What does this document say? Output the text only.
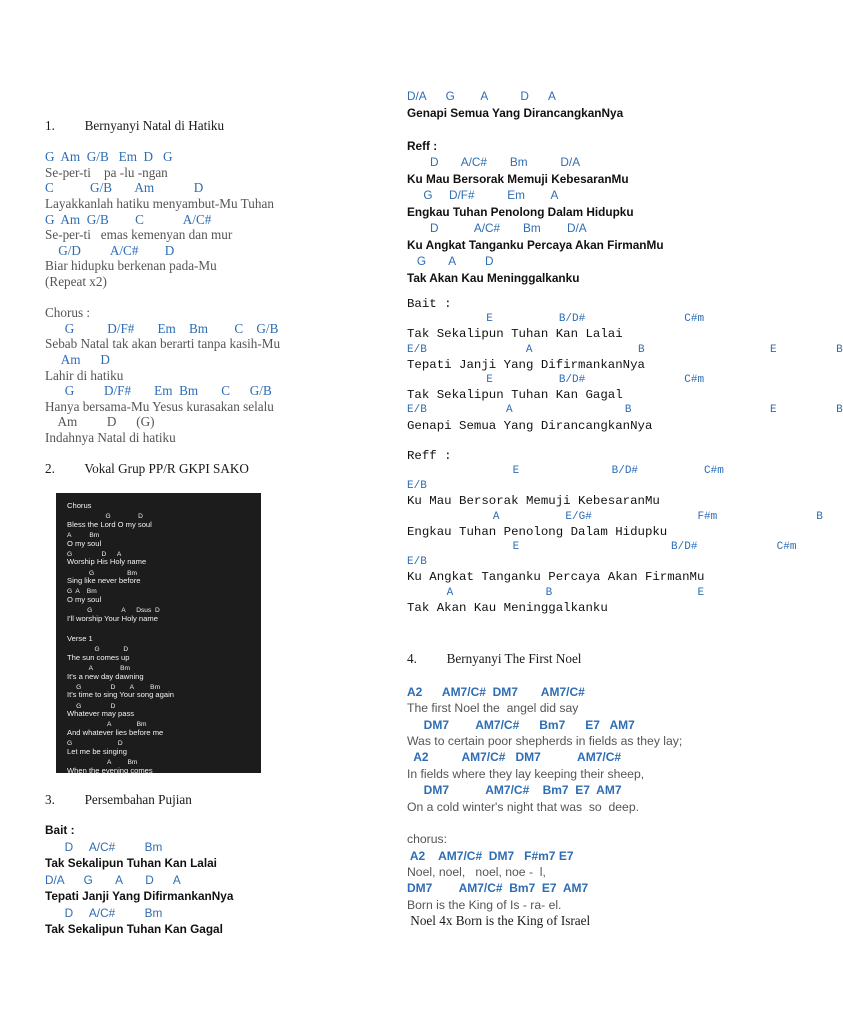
1.         Bernyanyi Natal di Hatiku
G  Am  G/B   Em  D   G
Se-per-ti    pa -lu -ngan
C           G/B       Am            D
Layakkanlah hatiku menyambut-Mu Tuhan
G  Am  G/B        C            A/C#
Se-per-ti   emas kemenyan dan mur
G/D         A/C#        D
Biar hidupku berkenan pada-Mu
(Repeat x2)
Chorus :
G          D/F#       Em    Bm        C    G/B
Sebab Natal tak akan berarti tanpa kasih-Mu
Am      D
Lahir di hatiku
G         D/F#       Em  Bm       C      G/B
Hanya bersama-Mu Yesus kurasakan selalu
Am         D      (G)
Indahnya Natal di hatiku
2.         Vokal Grup PP/R GKPI SAKO
Chorus
G               D
Bless the Lord O my soul
A          Bm
O my soul
G                D      A
Worship His Holy name
G                  Bm
Sing like never before
G  A    Bm
O my soul
G                A      Dsus  D
I'll worship Your Holy name
Verse 1
G             D
The sun comes up
A               Bm
It's a new day dawning
G                D        A         Bm
It's time to sing Your song again
G                D
Whatever may pass
A              Bm
And whatever lies before me
G                         D
Let me be singing
A         Bm
When the evening comes
3.         Persembahan Pujian
Bait :
D     A/C#         Bm
Tak Sekalipun Tuhan Kan Lalai
D/A      G       A       D      A
Tepati Janji Yang DifirmankanNya
D     A/C#         Bm
Tak Sekalipun Tuhan Kan Gagal
D/A      G        A          D      A
Genapi Semua Yang DirancangkanNya
Reff :
D       A/C#       Bm          D/A
Ku Mau Bersorak Memuji KebesaranMu
G     D/F#          Em        A
Engkau Tuhan Penolong Dalam Hidupku
D           A/C#       Bm        D/A
Ku Angkat Tanganku Percaya Akan FirmanMu
G       A         D
Tak Akan Kau Meninggalkanku
Bait :
E          B/D#               C#m
Tak Sekalipun Tuhan Kan Lalai
E/B               A                B                   E         B
Tepati Janji Yang DifirmankanNya
E          B/D#               C#m
Tak Sekalipun Tuhan Kan Gagal
E/B            A                 B                     E         B
Genapi Semua Yang DirancangkanNya
Reff :
E              B/D#          C#m
E/B
Ku Mau Bersorak Memuji KebesaranMu
A          E/G#                F#m               B
Engkau Tuhan Penolong Dalam Hidupku
E                       B/D#            C#m
E/B
Ku Angkat Tanganku Percaya Akan FirmanMu
A              B                      E
Tak Akan Kau Meninggalkanku
4.         Bernyanyi The First Noel
A2      AM7/C#  DM7       AM7/C#
The first Noel the  angel did say
DM7        AM7/C#      Bm7      E7   AM7
Was to certain poor shepherds in fields as they lay;
A2          AM7/C#   DM7           AM7/C#
In fields where they lay keeping their sheep,
DM7           AM7/C#    Bm7  E7  AM7
On a cold winter's night that was  so  deep.
chorus:
A2    AM7/C#  DM7   F#m7 E7
Noel, noel,   noel, noe -  l,
DM7        AM7/C#  Bm7  E7  AM7
Born is the King of Is - ra- el.
Noel 4x Born is the King of Israel
